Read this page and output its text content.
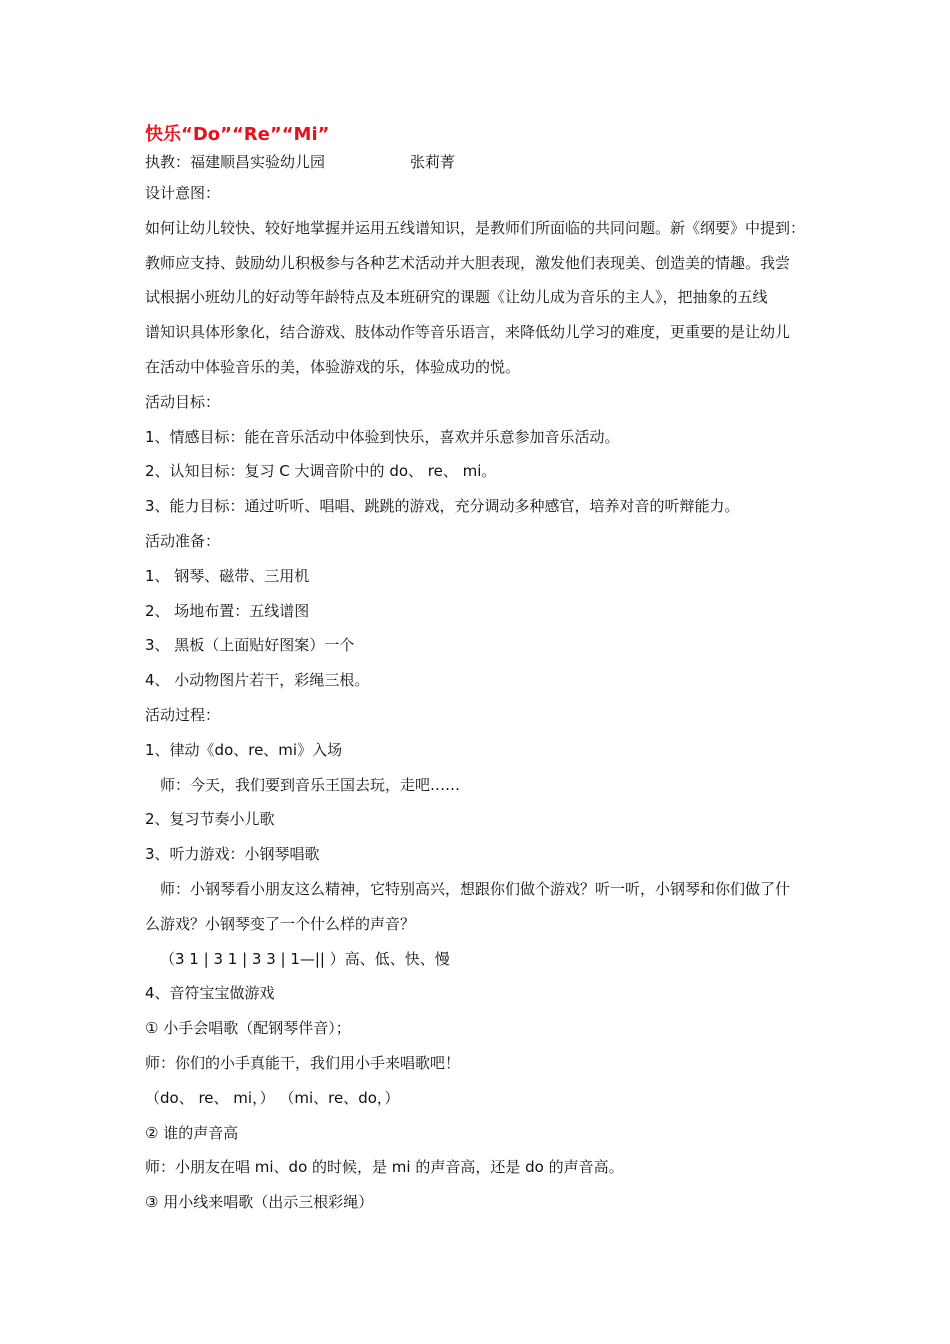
快乐“Do”“Re”“Mi”
执教：福建顺昌实验幼儿园	张莉菁

设计意图：

如何让幼儿较快、较好地掌握并运用五线谱知识，是教师们所面临的共同问题。新《纲要》中提到：

教师应支持、鼓励幼儿积极参与各种艺术活动并大胆表现，激发他们表现美、创造美的情趣。我尝

试根据小班幼儿的好动等年龄特点及本班研究的课题《让幼儿成为音乐的主人》，把抽象的五线

谱知识具体形象化，结合游戏、肢体动作等音乐语言，来降低幼儿学习的难度，更重要的是让幼儿

在活动中体验音乐的美，体验游戏的乐，体验成功的悦。

活动目标：

1、情感目标：能在音乐活动中体验到快乐，喜欢并乐意参加音乐活动。

2、认知目标：复习 C 大调音阶中的 do、 re、 mi。

3、能力目标：通过听听、唱唱、跳跳的游戏，充分调动多种感官，培养对音的听辩能力。

活动准备：

1、 钢琴、磁带、三用机

2、 场地布置：五线谱图

3、 黑板（上面贴好图案）一个

4、 小动物图片若干，彩绳三根。

活动过程：

1、律动《do、re、mi》入场

师：今天，我们要到音乐王国去玩，走吧……

2、复习节奏小儿歌

3、听力游戏：小钢琴唱歌

师：小钢琴看小朋友这么精神，它特别高兴，想跟你们做个游戏？听一听，小钢琴和你们做了什

么游戏？小钢琴变了一个什么样的声音？

（3 1 | 3 1 | 3 3 | 1—|| ）高、低、快、慢

4、音符宝宝做游戏

① 小手会唱歌（配钢琴伴音）；

师：你们的小手真能干，我们用小手来唱歌吧！

（do、 re、 mi，） （mi、re、do，）

② 谁的声音高

师：小朋友在唱 mi、do 的时候，是 mi 的声音高，还是 do 的声音高。

③ 用小线来唱歌（出示三根彩绳）
